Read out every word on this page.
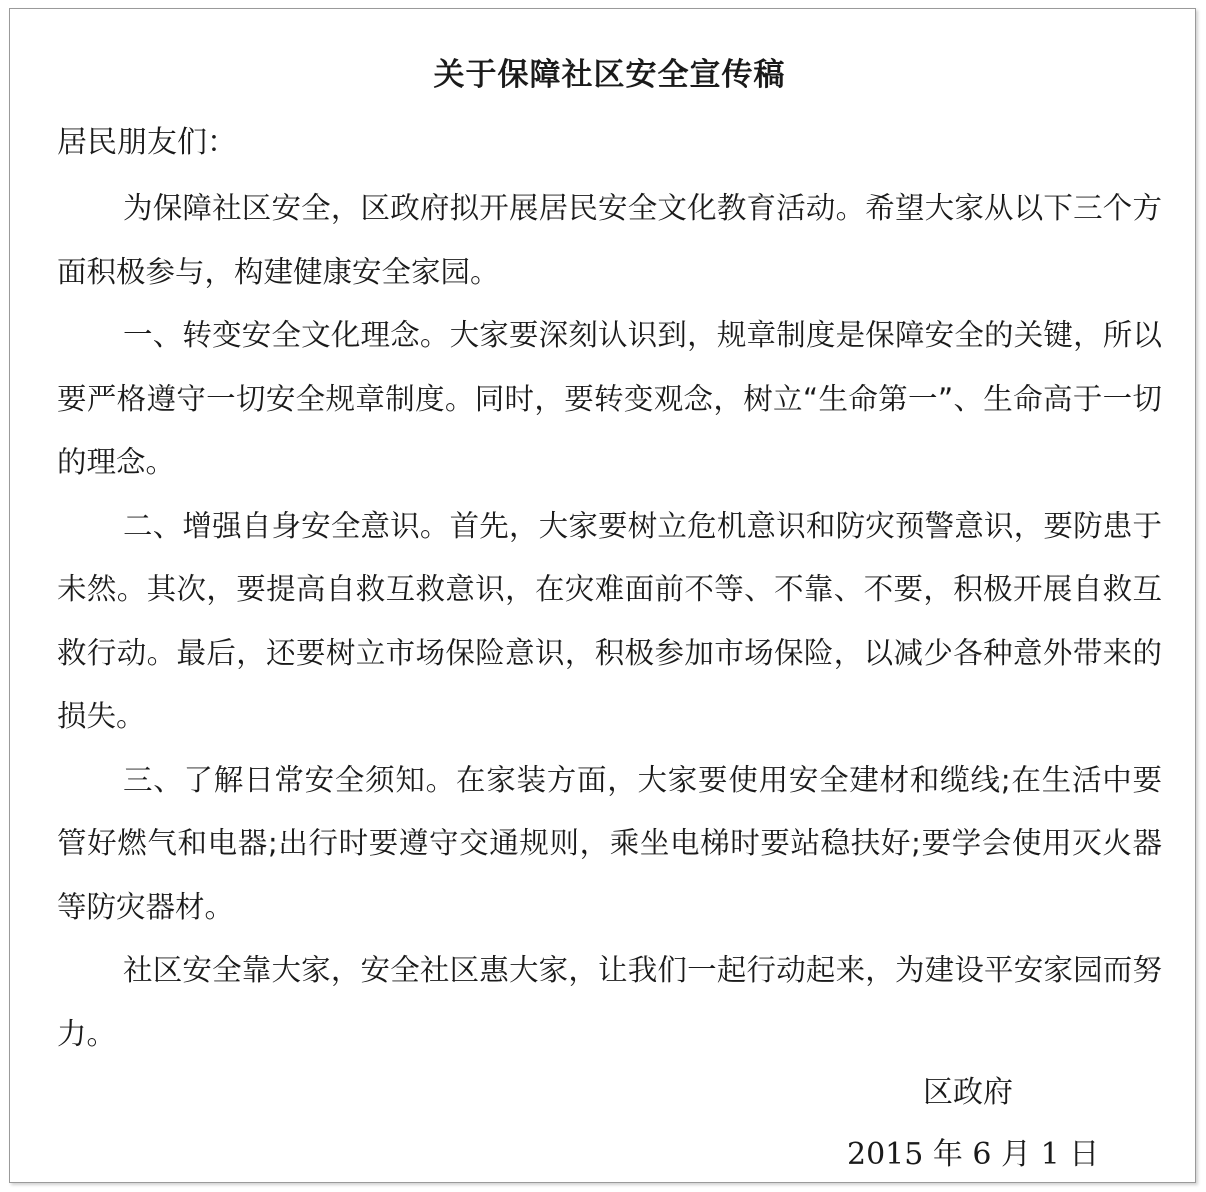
关于保障社区安全宣传稿
居民朋友们：

为保障社区安全，区政府拟开展居民安全文化教育活动。希望大家从以下三个方面积极参与，构建健康安全家园。

一、转变安全文化理念。大家要深刻认识到，规章制度是保障安全的关键，所以要严格遵守一切安全规章制度。同时，要转变观念，树立“生命第一”、生命高于一切的理念。

二、增强自身安全意识。首先，大家要树立危机意识和防灾预警意识，要防患于未然。其次，要提高自救互救意识，在灾难面前不等、不靠、不要，积极开展自救互救行动。最后，还要树立市场保险意识，积极参加市场保险，以减少各种意外带来的损失。

三、了解日常安全须知。在家装方面，大家要使用安全建材和缆线;在生活中要管好燃气和电器;出行时要遵守交通规则，乘坐电梯时要站稳扶好;要学会使用灭火器等防灾器材。

社区安全靠大家，安全社区惠大家，让我们一起行动起来，为建设平安家园而努力。

区政府
2015 年 6 月 1 日
